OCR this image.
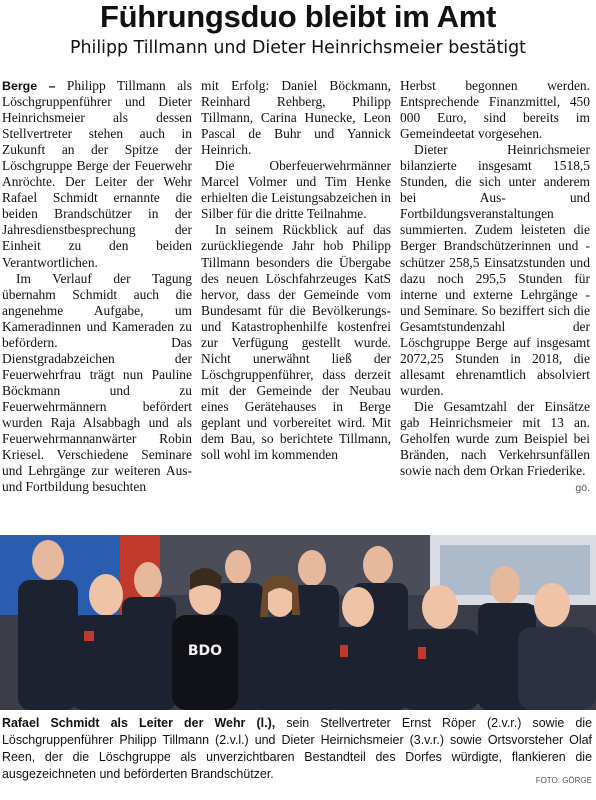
Führungsduo bleibt im Amt
Philipp Tillmann und Dieter Heinrichsmeier bestätigt

Berge – Philipp Tillmann als Löschgruppenführer und Dieter Heinrichsmeier als dessen Stellvertreter stehen auch in Zukunft an der Spitze der Löschgruppe Berge der Feuerwehr Anröchte. Der Leiter der Wehr Rafael Schmidt ernannte die beiden Brandschützer in der Jahresdienstbesprechung der Einheit zu den beiden Verantwortlichen.

Im Verlauf der Tagung übernahm Schmidt auch die angenehme Aufgabe, um Kameradinnen und Kameraden zu befördern. Das Dienstgradabzeichen der Feuerwehrfrau trägt nun Pauline Böckmann und zu Feuerwehrmännern befördert wurden Raja Alsabbagh und als Feuerwehrmannanwärter Robin Kriesel. Verschiedene Seminare und Lehrgänge zur weiteren Aus- und Fortbildung besuchten

mit Erfolg: Daniel Böckmann, Reinhard Rehberg, Philipp Tillmann, Carina Hunecke, Leon Pascal de Buhr und Yannick Heinrich.

Die Oberfeuerwehrmänner Marcel Volmer und Tim Henke erhielten die Leistungsabzeichen in Silber für die dritte Teilnahme.

In seinem Rückblick auf das zurückliegende Jahr hob Philipp Tillmann besonders die Übergabe des neuen Löschfahrzeuges KatS hervor, dass der Gemeinde vom Bundesamt für die Bevölkerungs- und Katastrophenhilfe kostenfrei zur Verfügung gestellt wurde. Nicht unerwähnt ließ der Löschgruppenführer, dass derzeit mit der Gemeinde der Neubau eines Gerätehauses in Berge geplant und vorbereitet wird. Mit dem Bau, so berichtete Tillmann, soll wohl im kommenden

Herbst begonnen werden. Entsprechende Finanzmittel, 450 000 Euro, sind bereits im Gemeindeetat vorgesehen.

Dieter Heinrichsmeier bilanzierte insgesamt 1518,5 Stunden, die sich unter anderem bei Aus- und Fortbildungsveranstaltungen summierten. Zudem leisteten die Berger Brandschützerinnen und -schützer 258,5 Einsatzstunden und dazu noch 295,5 Stunden für interne und externe Lehrgänge - und Seminare. So beziffert sich die Gesamtstundenzahl der Löschgruppe Berge auf insgesamt 2072,25 Stunden in 2018, die allesamt ehrenamtlich absolviert wurden.

Die Gesamtzahl der Einsätze gab Heinrichsmeier mit 13 an. Geholfen wurde zum Beispiel bei Bränden, nach Verkehrsunfällen sowie nach dem Orkan Friederike.
gö.

BDO
Rafael Schmidt als Leiter der Wehr (l.), sein Stellvertreter Ernst Röper (2.v.r.) sowie die Löschgruppenführer Philipp Tillmann (2.v.l.) und Dieter Heirnichsmeier (3.v.r.) sowie Ortsvorsteher Olaf Reen, der die Löschgruppe als unverzichtbaren Bestandteil des Dorfes würdigte, flankieren die ausgezeichneten und beförderten Brandschützer.	FOTO: GÖRGE
